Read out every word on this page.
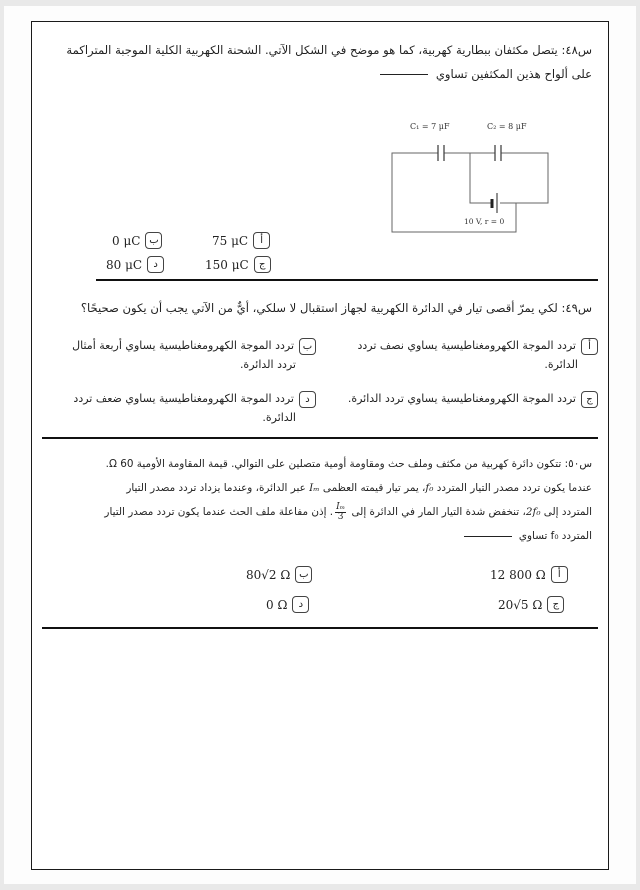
س٤٨: يتصل مكثفان ببطارية كهربية، كما هو موضح في الشكل الآتي. الشحنة الكهربية الكلية الموجبة المتراكمة
على ألواح هذين المكثفين تساوي
C₁ = 7 μF	C₂ = 8 μF
10 V, r = 0
75 μC	أ
0 μC ب
150 μC	ج
80 μC	د
س٤٩: لكي يمرّ أقصى تيار في الدائرة الكهربية لجهاز استقبال لا سلكي، أيٌّ من الآتي يجب أن يكون صحيحًا؟
أ
تردد الموجة الكهرومغناطيسية يساوي نصف تردد
الدائرة.
ب
تردد الموجة الكهرومغناطيسية يساوي أربعة أمثال
تردد الدائرة.
ج
تردد الموجة الكهرومغناطيسية يساوي تردد الدائرة.
د
تردد الموجة الكهرومغناطيسية يساوي ضعف تردد
الدائرة.
س٥٠: تتكون دائرة كهربية من مكثف وملف حث ومقاومة أومية متصلين على التوالي. قيمة المقاومة الأومية 60 Ω.
عندما يكون تردد مصدر التيار المتردد f₀، يمر تيار قيمته العظمى Iₘ عبر الدائرة، وعندما يزداد تردد مصدر التيار
المتردد إلى 2f₀، تنخفض شدة التيار المار في الدائرة إلى
$\frac{\text{Iₘ}}{3}$
. إذن مفاعلة ملف الحث عندما يكون تردد مصدر التيار
المتردد f₀ تساوي
12 800 Ω	أ
80√2 Ω ب
20√5 Ω	ج
0 Ω	د
